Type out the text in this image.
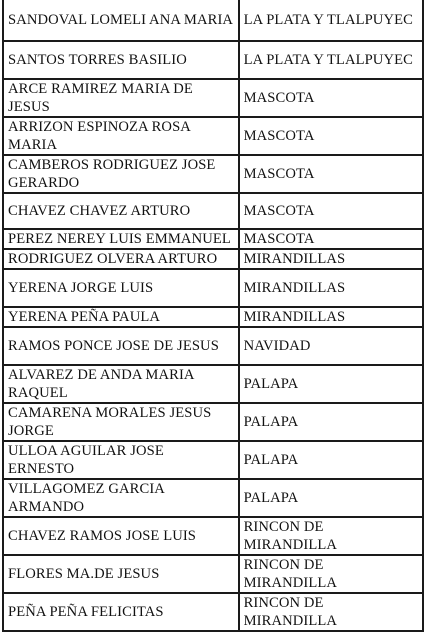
SANDOVAL LOMELI ANA MARIA	LA PLATA Y TLALPUYEC
SANTOS TORRES BASILIO	LA PLATA Y TLALPUYEC
ARCE RAMIREZ MARIA DE JESUS	MASCOTA
ARRIZON ESPINOZA ROSA MARIA	MASCOTA
CAMBEROS RODRIGUEZ JOSE GERARDO	MASCOTA
CHAVEZ CHAVEZ ARTURO	MASCOTA
PEREZ NEREY LUIS EMMANUEL	MASCOTA
RODRIGUEZ OLVERA ARTURO	MIRANDILLAS
YERENA JORGE LUIS	MIRANDILLAS
YERENA PEÑA PAULA	MIRANDILLAS
RAMOS PONCE JOSE DE JESUS	NAVIDAD
ALVAREZ DE ANDA MARIA RAQUEL	PALAPA
CAMARENA MORALES JESUS JORGE	PALAPA
ULLOA AGUILAR JOSE ERNESTO	PALAPA
VILLAGOMEZ GARCIA ARMANDO	PALAPA
CHAVEZ RAMOS JOSE LUIS	RINCON DE MIRANDILLA
FLORES MA.DE JESUS	RINCON DE MIRANDILLA
PEÑA PEÑA FELICITAS	RINCON DE MIRANDILLA
